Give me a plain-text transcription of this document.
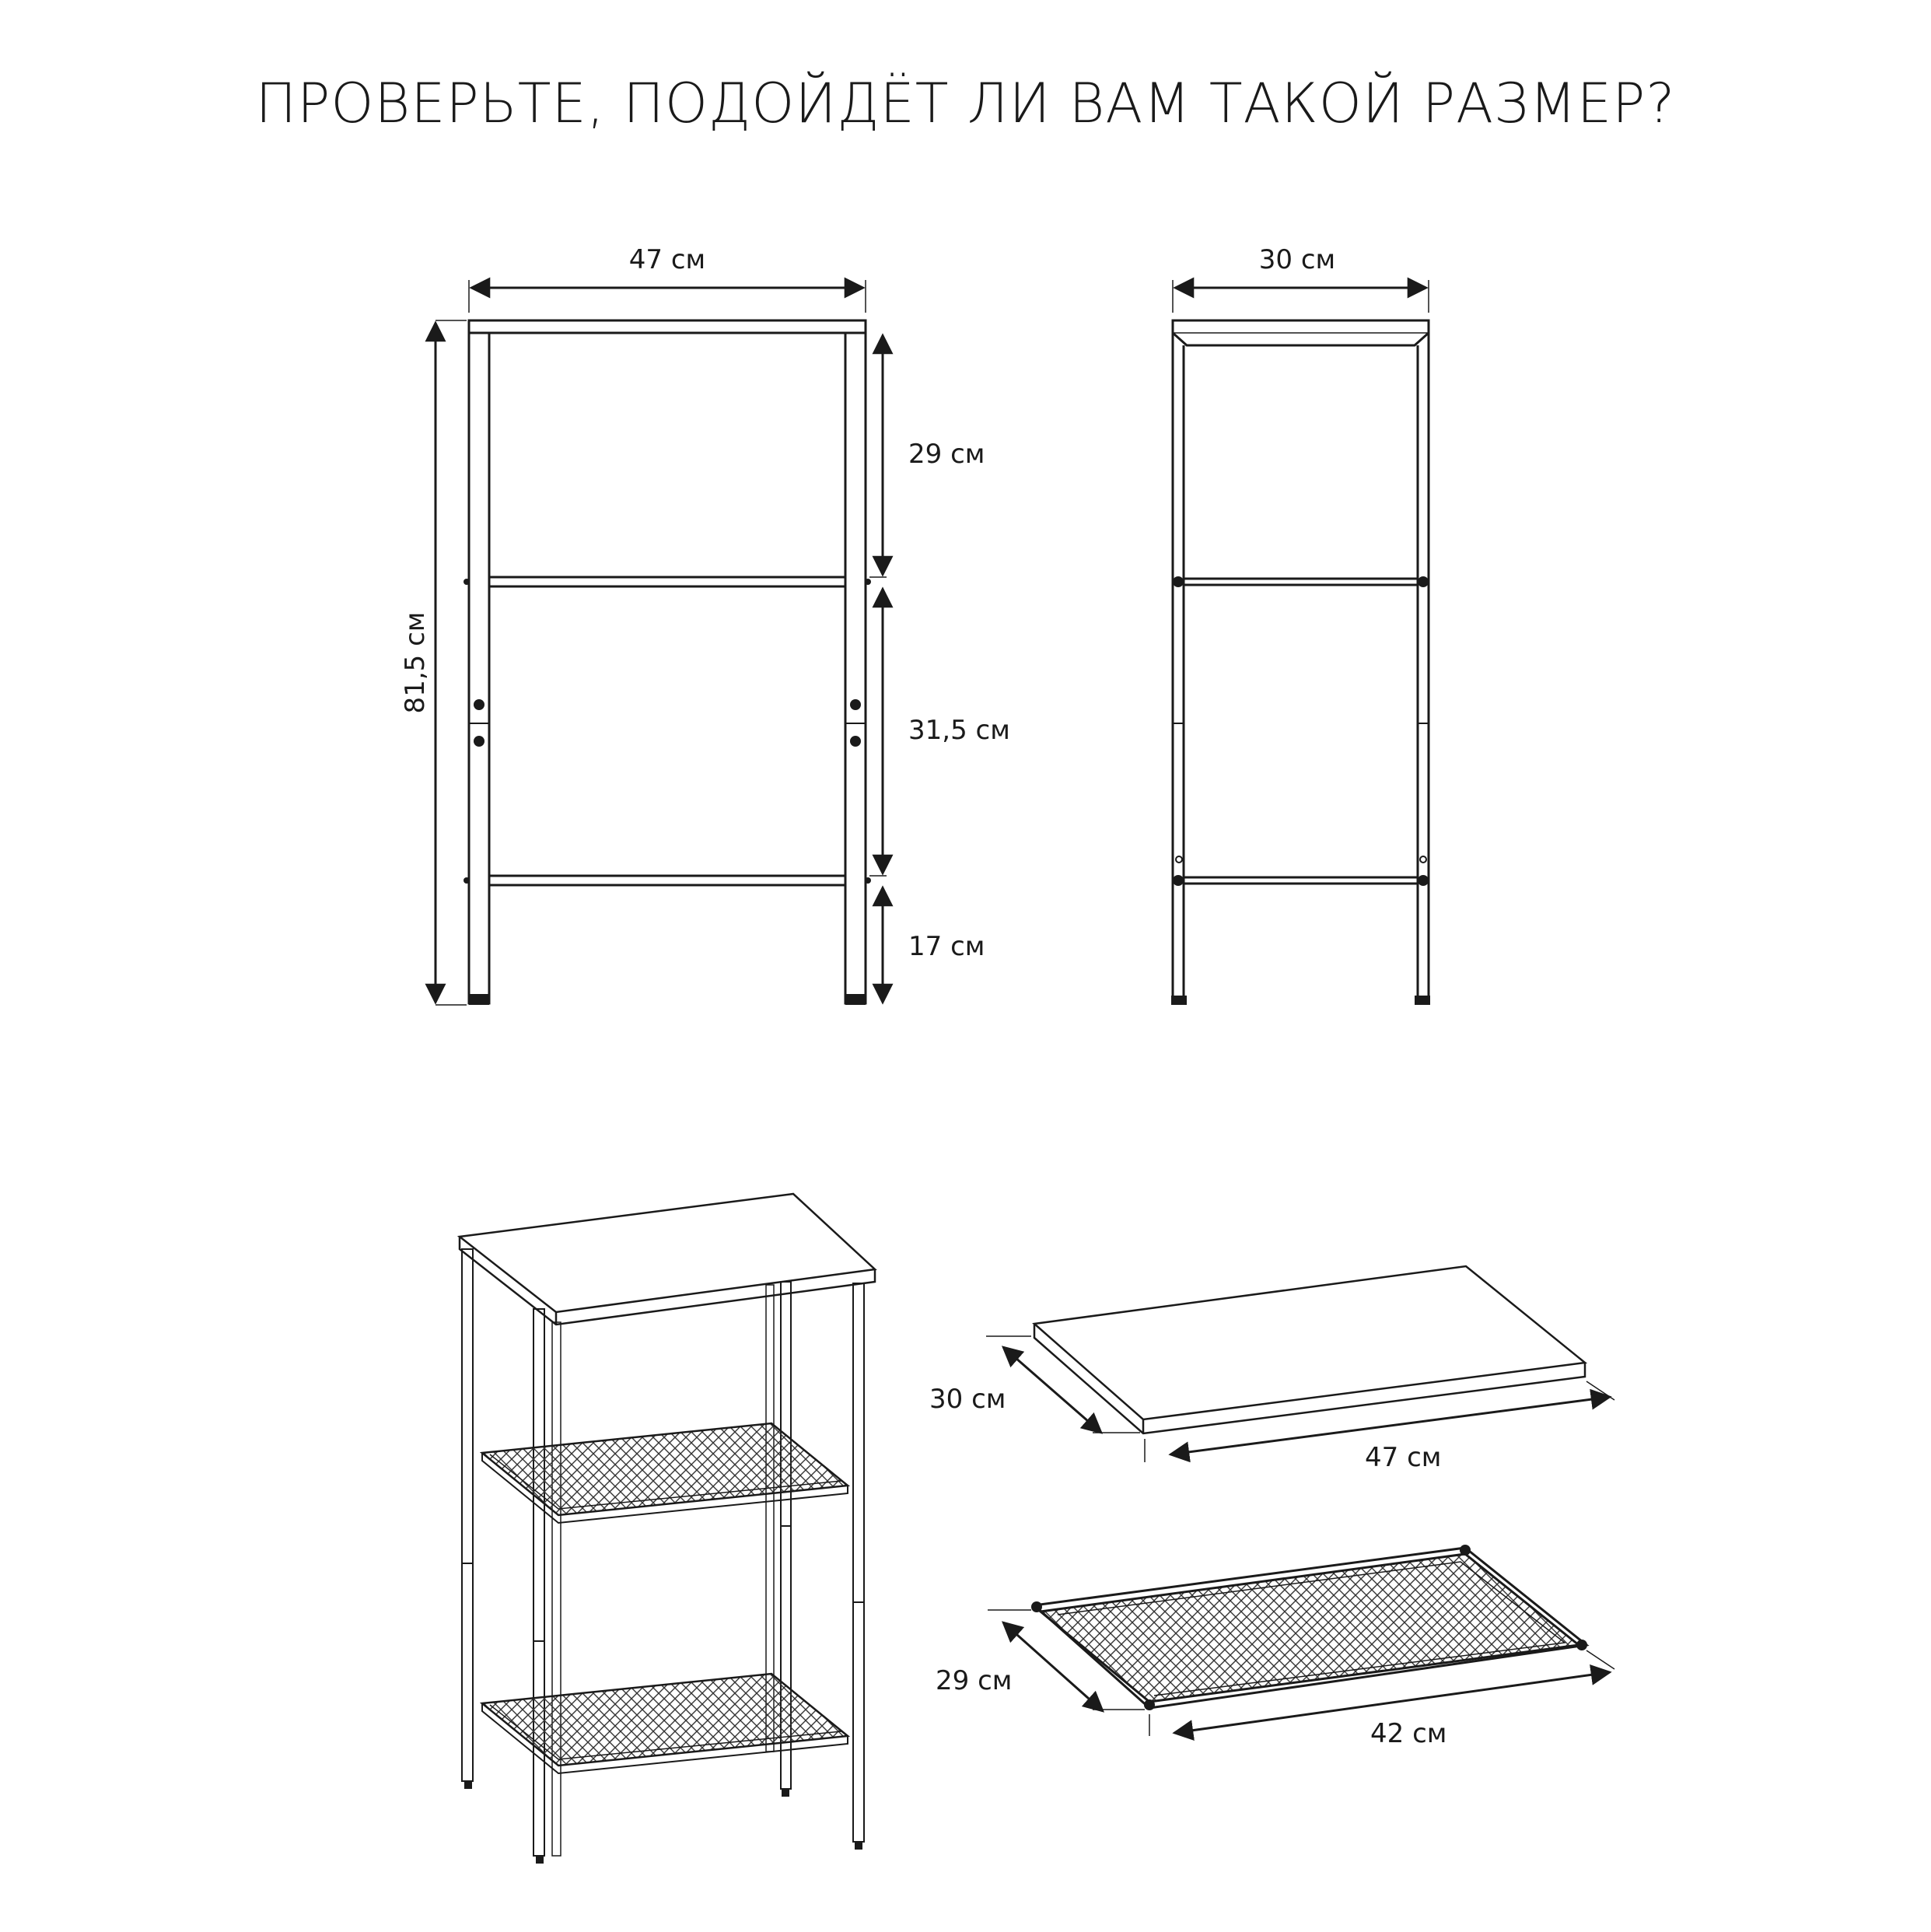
ПРОВЕРЬТЕ, ПОДОЙДЁТ ЛИ ВАМ ТАКОЙ РАЗМЕР?
47 см
81,5 см
29 см
31,5 см
17 см
30 см
30 см
47 см
29 см
42 см
